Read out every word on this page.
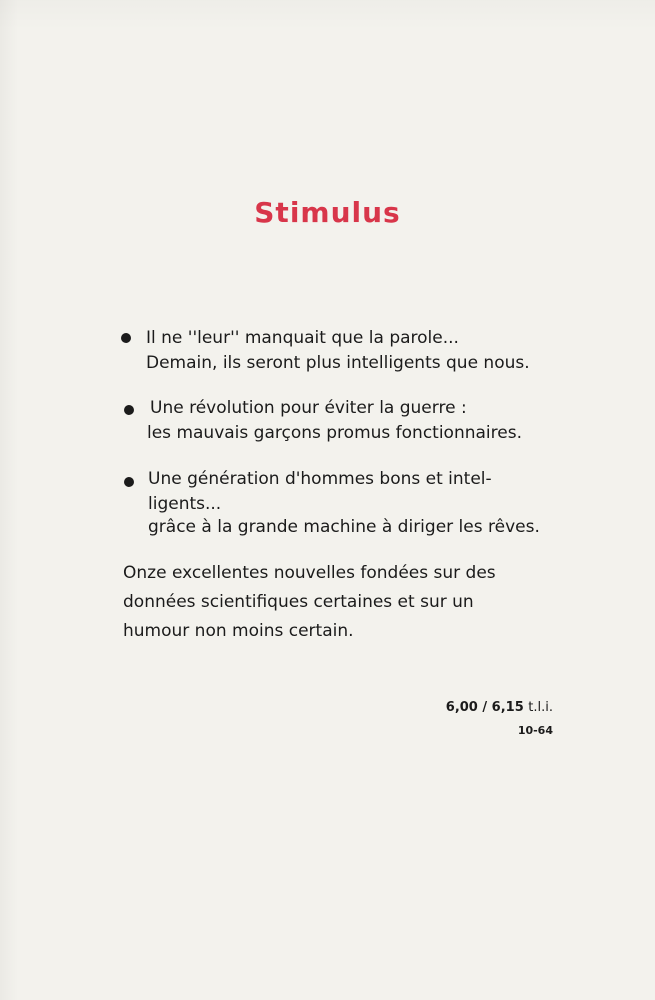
Stimulus
Il ne ''leur'' manquait que la parole...
Demain, ils seront plus intelligents que nous.
Une révolution pour éviter la guerre :
les mauvais garçons promus fonctionnaires.
Une génération d'hommes bons et intel-
ligents...
grâce à la grande machine à diriger les rêves.
Onze excellentes nouvelles fondées sur des
données scientifiques certaines et sur un
humour non moins certain.
6,00 / 6,15 t.l.i.
10-64
